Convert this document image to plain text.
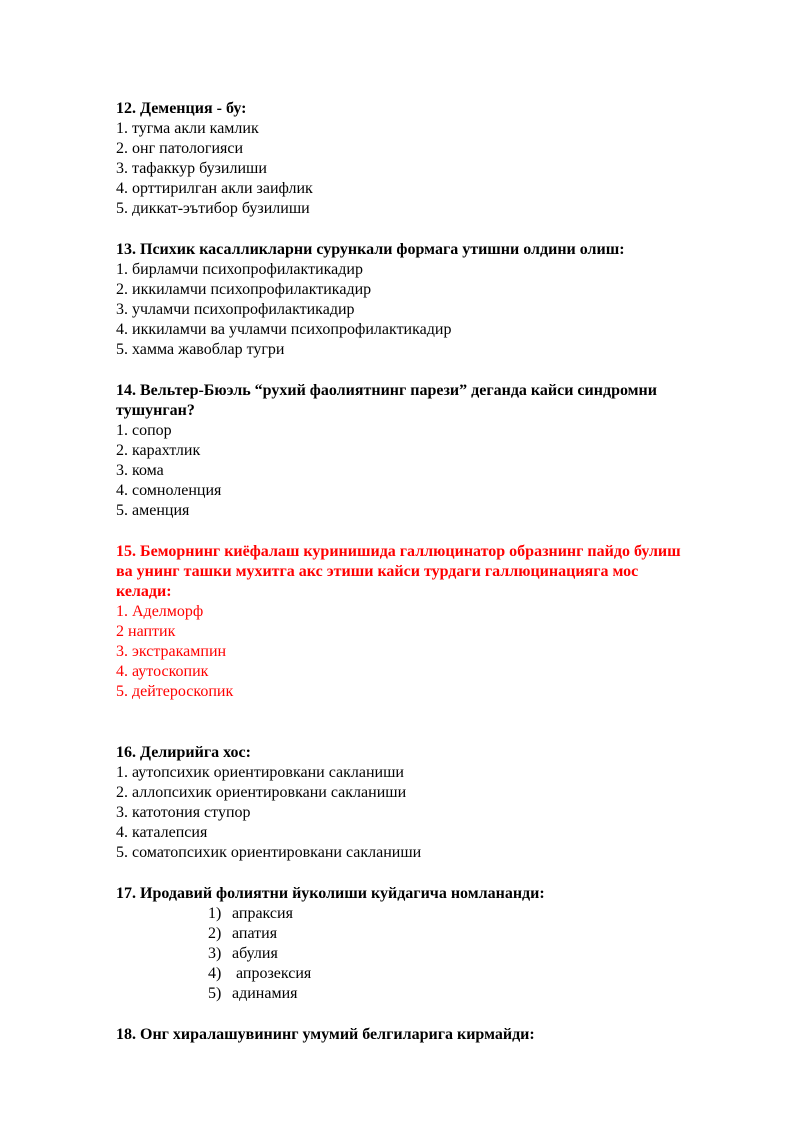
12. Деменция - бу:
1. тугма акли камлик
2. онг патологияси
3. тафаккур бузилиши
4. орттирилган акли заифлик
5. диккат-эътибор бузилиши
13. Психик касалликларни сурункали формага утишни олдини олиш:
1. бирламчи психопрофилактикадир
2. иккиламчи психопрофилактикадир
3. учламчи психопрофилактикадир
4. иккиламчи ва учламчи психопрофилактикадир
5. хамма жавоблар тугри
14. Вельтер-Бюэль “рухий фаолиятнинг парези” деганда кайси синдромни
тушунган?
1. сопор
2. карахтлик
3. кома
4. сомноленция
5. аменция
15. Беморнинг киёфалаш куринишида галлюцинатор образнинг пайдо булиш
ва унинг ташки мухитга акс этиши кайси турдаги галлюцинацияга мос
келади:
1. Аделморф
2 наптик
3. экстракампин
4. аутоскопик
5. дейтероскопик
16. Делирийга хос:
1. аутопсихик ориентировкани сакланиши
2. аллопсихик ориентировкани сакланиши
3. катотония ступор
4. каталепсия
5. соматопсихик ориентировкани сакланиши
17. Иродавий фолиятни йуколиши куйдагича номлананди:
1) апраксия
2) апатия
3) абулия
4) апрозексия
5) адинамия
18. Онг хиралашувининг умумий белгиларига кирмайди:
